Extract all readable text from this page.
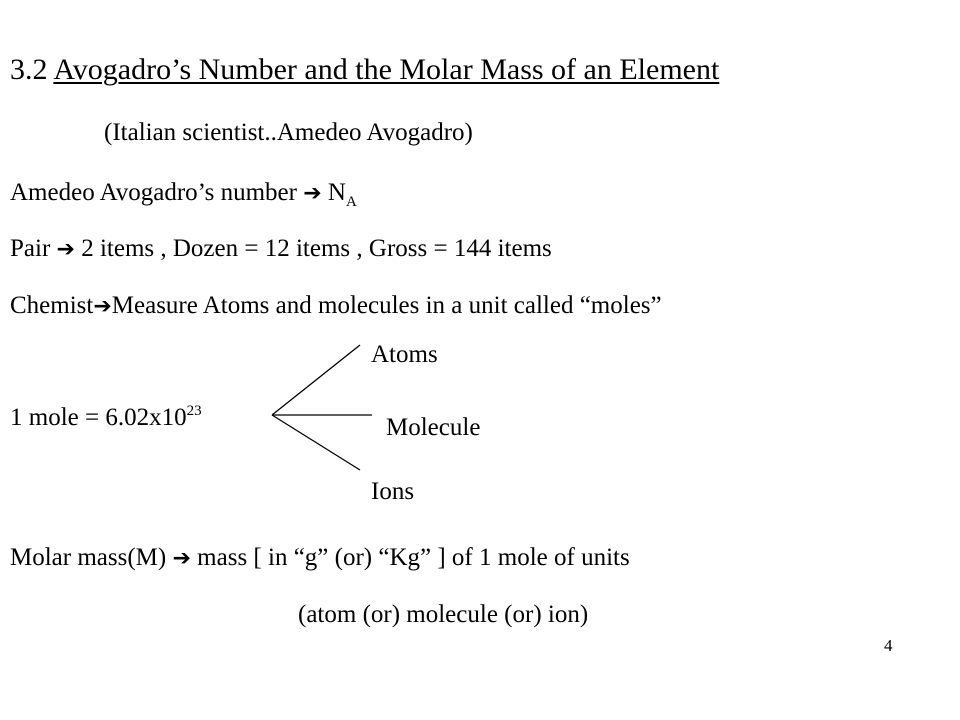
3.2 Avogadro’s Number and the Molar Mass of an Element
(Italian scientist..Amedeo Avogadro)
Amedeo Avogadro’s number ➔ $N_A$
Pair ➔ 2 items , Dozen = 12 items , Gross = 144 items
Chemist➔Measure Atoms and molecules in a unit called “moles”
Atoms
1 mole = $6.02x10^{23}$
Molecule
Ions
Molar mass(M) ➔ mass [ in “g” (or) “Kg” ] of 1 mole of units
(atom (or) molecule (or) ion)
4
